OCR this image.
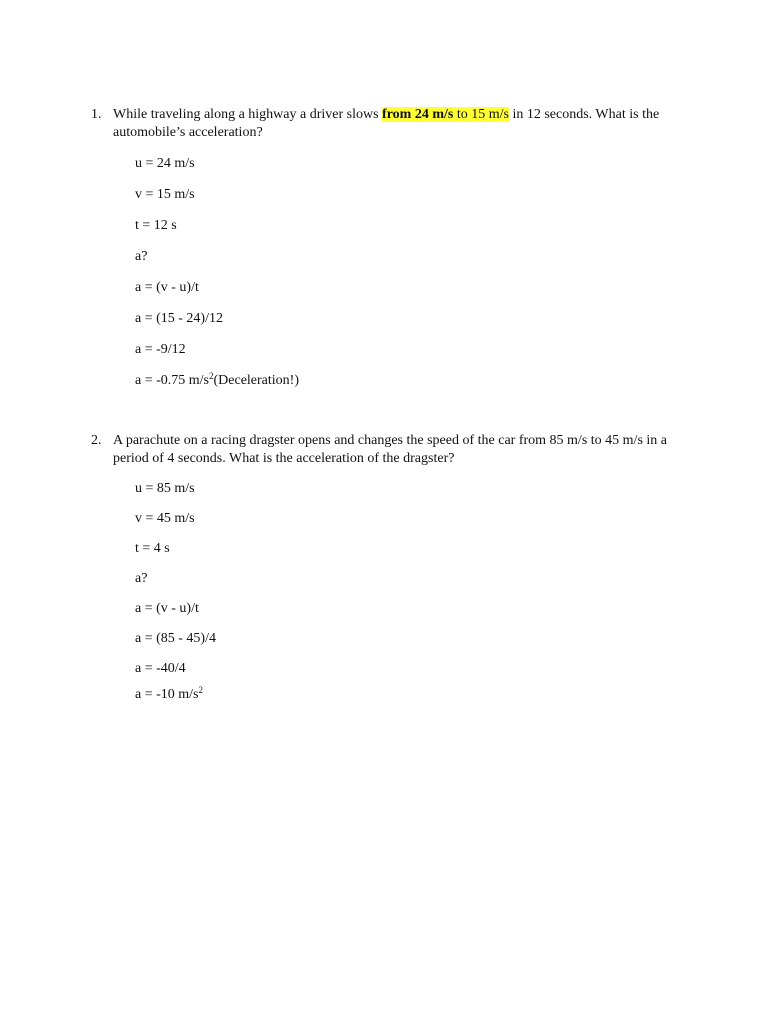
1. While traveling along a highway a driver slows from 24 m/s to 15 m/s in 12 seconds. What is the automobile’s acceleration?
u = 24 m/s
v = 15 m/s
t = 12 s
a?
a = (v - u)/t
a = (15 - 24)/12
a = -9/12
a = -0.75 $m/s^2(Deceleration!)$
2. A parachute on a racing dragster opens and changes the speed of the car from 85 m/s to 45 m/s in a period of 4 seconds. What is the acceleration of the dragster?
u = 85 m/s
v = 45 m/s
t = 4 s
a?
a = (v - u)/t
a = (85 - 45)/4
a = -40/4
a = -10 $m/s^2$
